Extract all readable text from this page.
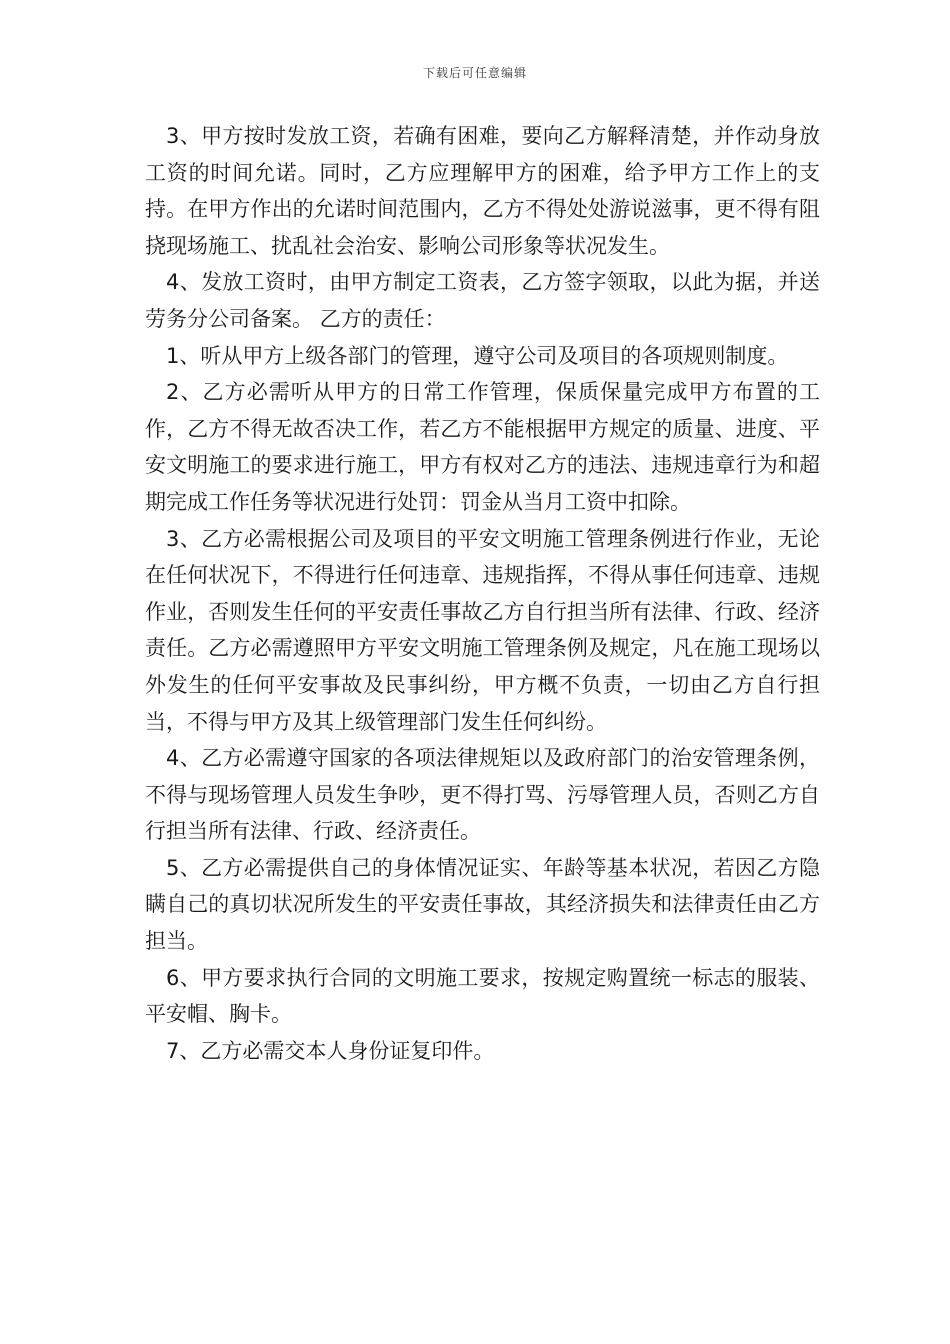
下载后可任意编辑

3、甲方按时发放工资，若确有困难，要向乙方解释清楚，并作动身放工资的时间允诺。同时，乙方应理解甲方的困难，给予甲方工作上的支持。在甲方作出的允诺时间范围内，乙方不得处处游说滋事，更不得有阻挠现场施工、扰乱社会治安、影响公司形象等状况发生。

4、发放工资时，由甲方制定工资表，乙方签字领取，以此为据，并送劳务分公司备案。 乙方的责任：

1、听从甲方上级各部门的管理，遵守公司及项目的各项规则制度。

2、乙方必需听从甲方的日常工作管理，保质保量完成甲方布置的工作，乙方不得无故否决工作，若乙方不能根据甲方规定的质量、进度、平安文明施工的要求进行施工，甲方有权对乙方的违法、违规违章行为和超期完成工作任务等状况进行处罚：罚金从当月工资中扣除。

3、乙方必需根据公司及项目的平安文明施工管理条例进行作业，无论在任何状况下，不得进行任何违章、违规指挥，不得从事任何违章、违规作业，否则发生任何的平安责任事故乙方自行担当所有法律、行政、经济责任。乙方必需遵照甲方平安文明施工管理条例及规定，凡在施工现场以外发生的任何平安事故及民事纠纷，甲方概不负责，一切由乙方自行担当，不得与甲方及其上级管理部门发生任何纠纷。

4、乙方必需遵守国家的各项法律规矩以及政府部门的治安管理条例，不得与现场管理人员发生争吵，更不得打骂、污辱管理人员，否则乙方自行担当所有法律、行政、经济责任。

5、乙方必需提供自己的身体情况证实、年龄等基本状况，若因乙方隐瞒自己的真切状况所发生的平安责任事故，其经济损失和法律责任由乙方担当。

6、甲方要求执行合同的文明施工要求，按规定购置统一标志的服装、平安帽、胸卡。

7、乙方必需交本人身份证复印件。
